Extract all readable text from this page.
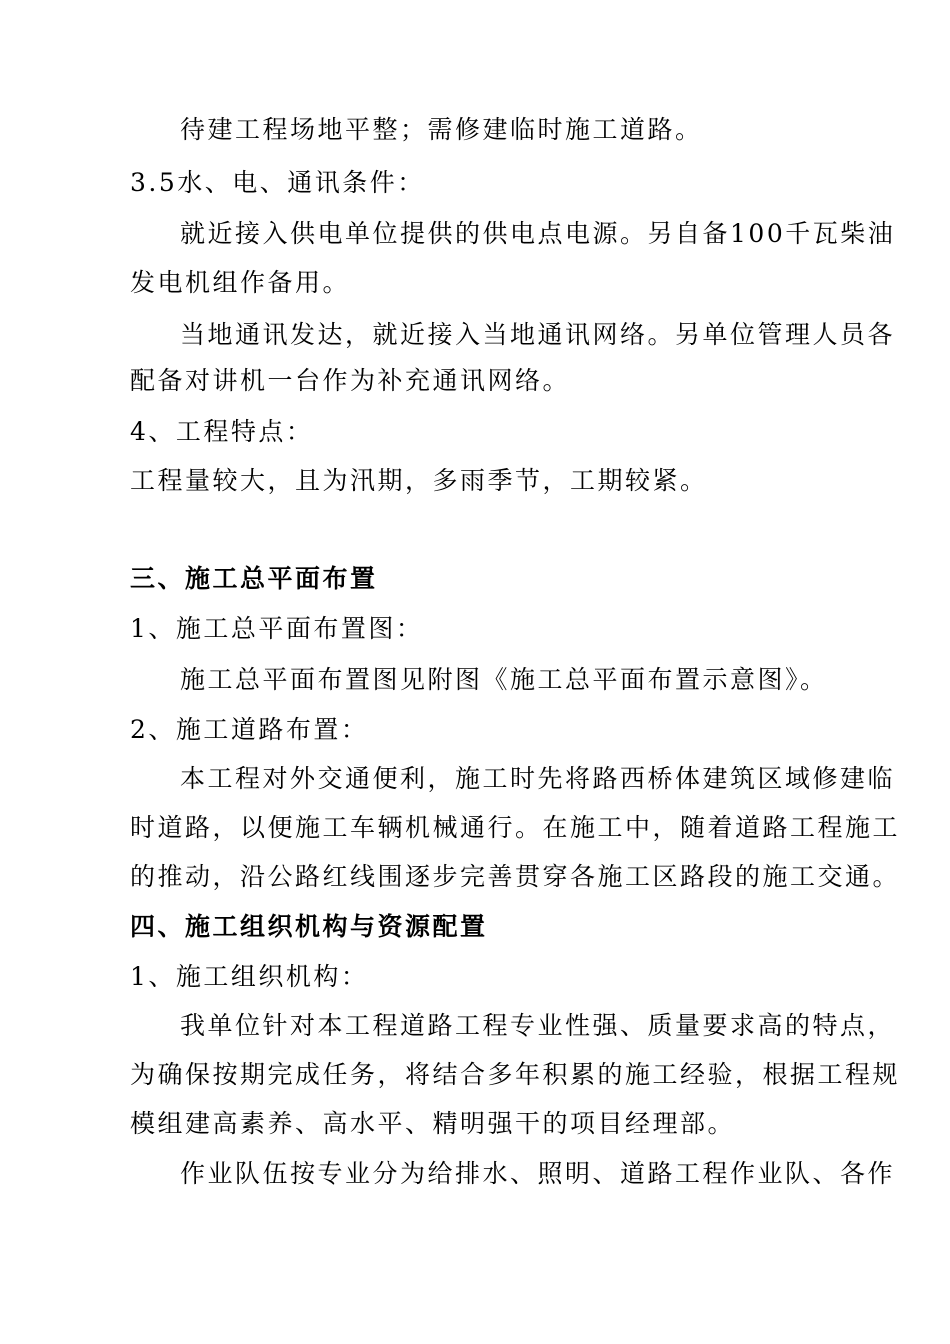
待建工程场地平整；需修建临时施工道路。
3.5水、电、通讯条件：
就近接入供电单位提供的供电点电源。另自备100千瓦柴油
发电机组作备用。
当地通讯发达，就近接入当地通讯网络。另单位管理人员各
配备对讲机一台作为补充通讯网络。
4、工程特点：
工程量较大，且为汛期，多雨季节，工期较紧。
三、施工总平面布置
1、施工总平面布置图：
施工总平面布置图见附图《施工总平面布置示意图》。
2、施工道路布置：
本工程对外交通便利，施工时先将路西桥体建筑区域修建临
时道路，以便施工车辆机械通行。在施工中，随着道路工程施工
的推动，沿公路红线围逐步完善贯穿各施工区路段的施工交通。
四、施工组织机构与资源配置
1、施工组织机构：
我单位针对本工程道路工程专业性强、质量要求高的特点，
为确保按期完成任务，将结合多年积累的施工经验，根据工程规
模组建高素养、高水平、精明强干的项目经理部。
作业队伍按专业分为给排水、照明、道路工程作业队、各作
